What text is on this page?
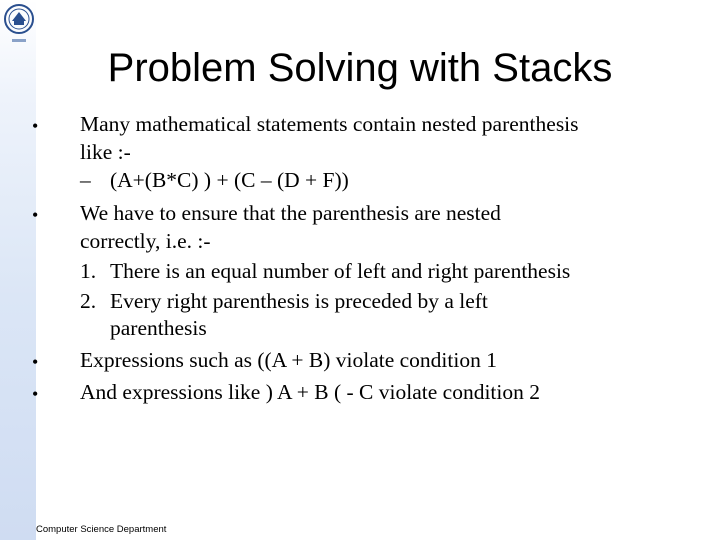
Problem Solving with Stacks
• Many mathematical statements contain nested parenthesis
like :-
– (A+(B*C) ) + (C – (D + F))
• We have to ensure that the parenthesis are nested
correctly, i.e. :-
1. There is an equal number of left and right parenthesis
2. Every right parenthesis is preceded by a left
parenthesis
• Expressions such as ((A + B) violate condition 1
• And expressions like ) A + B ( - C violate condition 2
Computer Science Department
